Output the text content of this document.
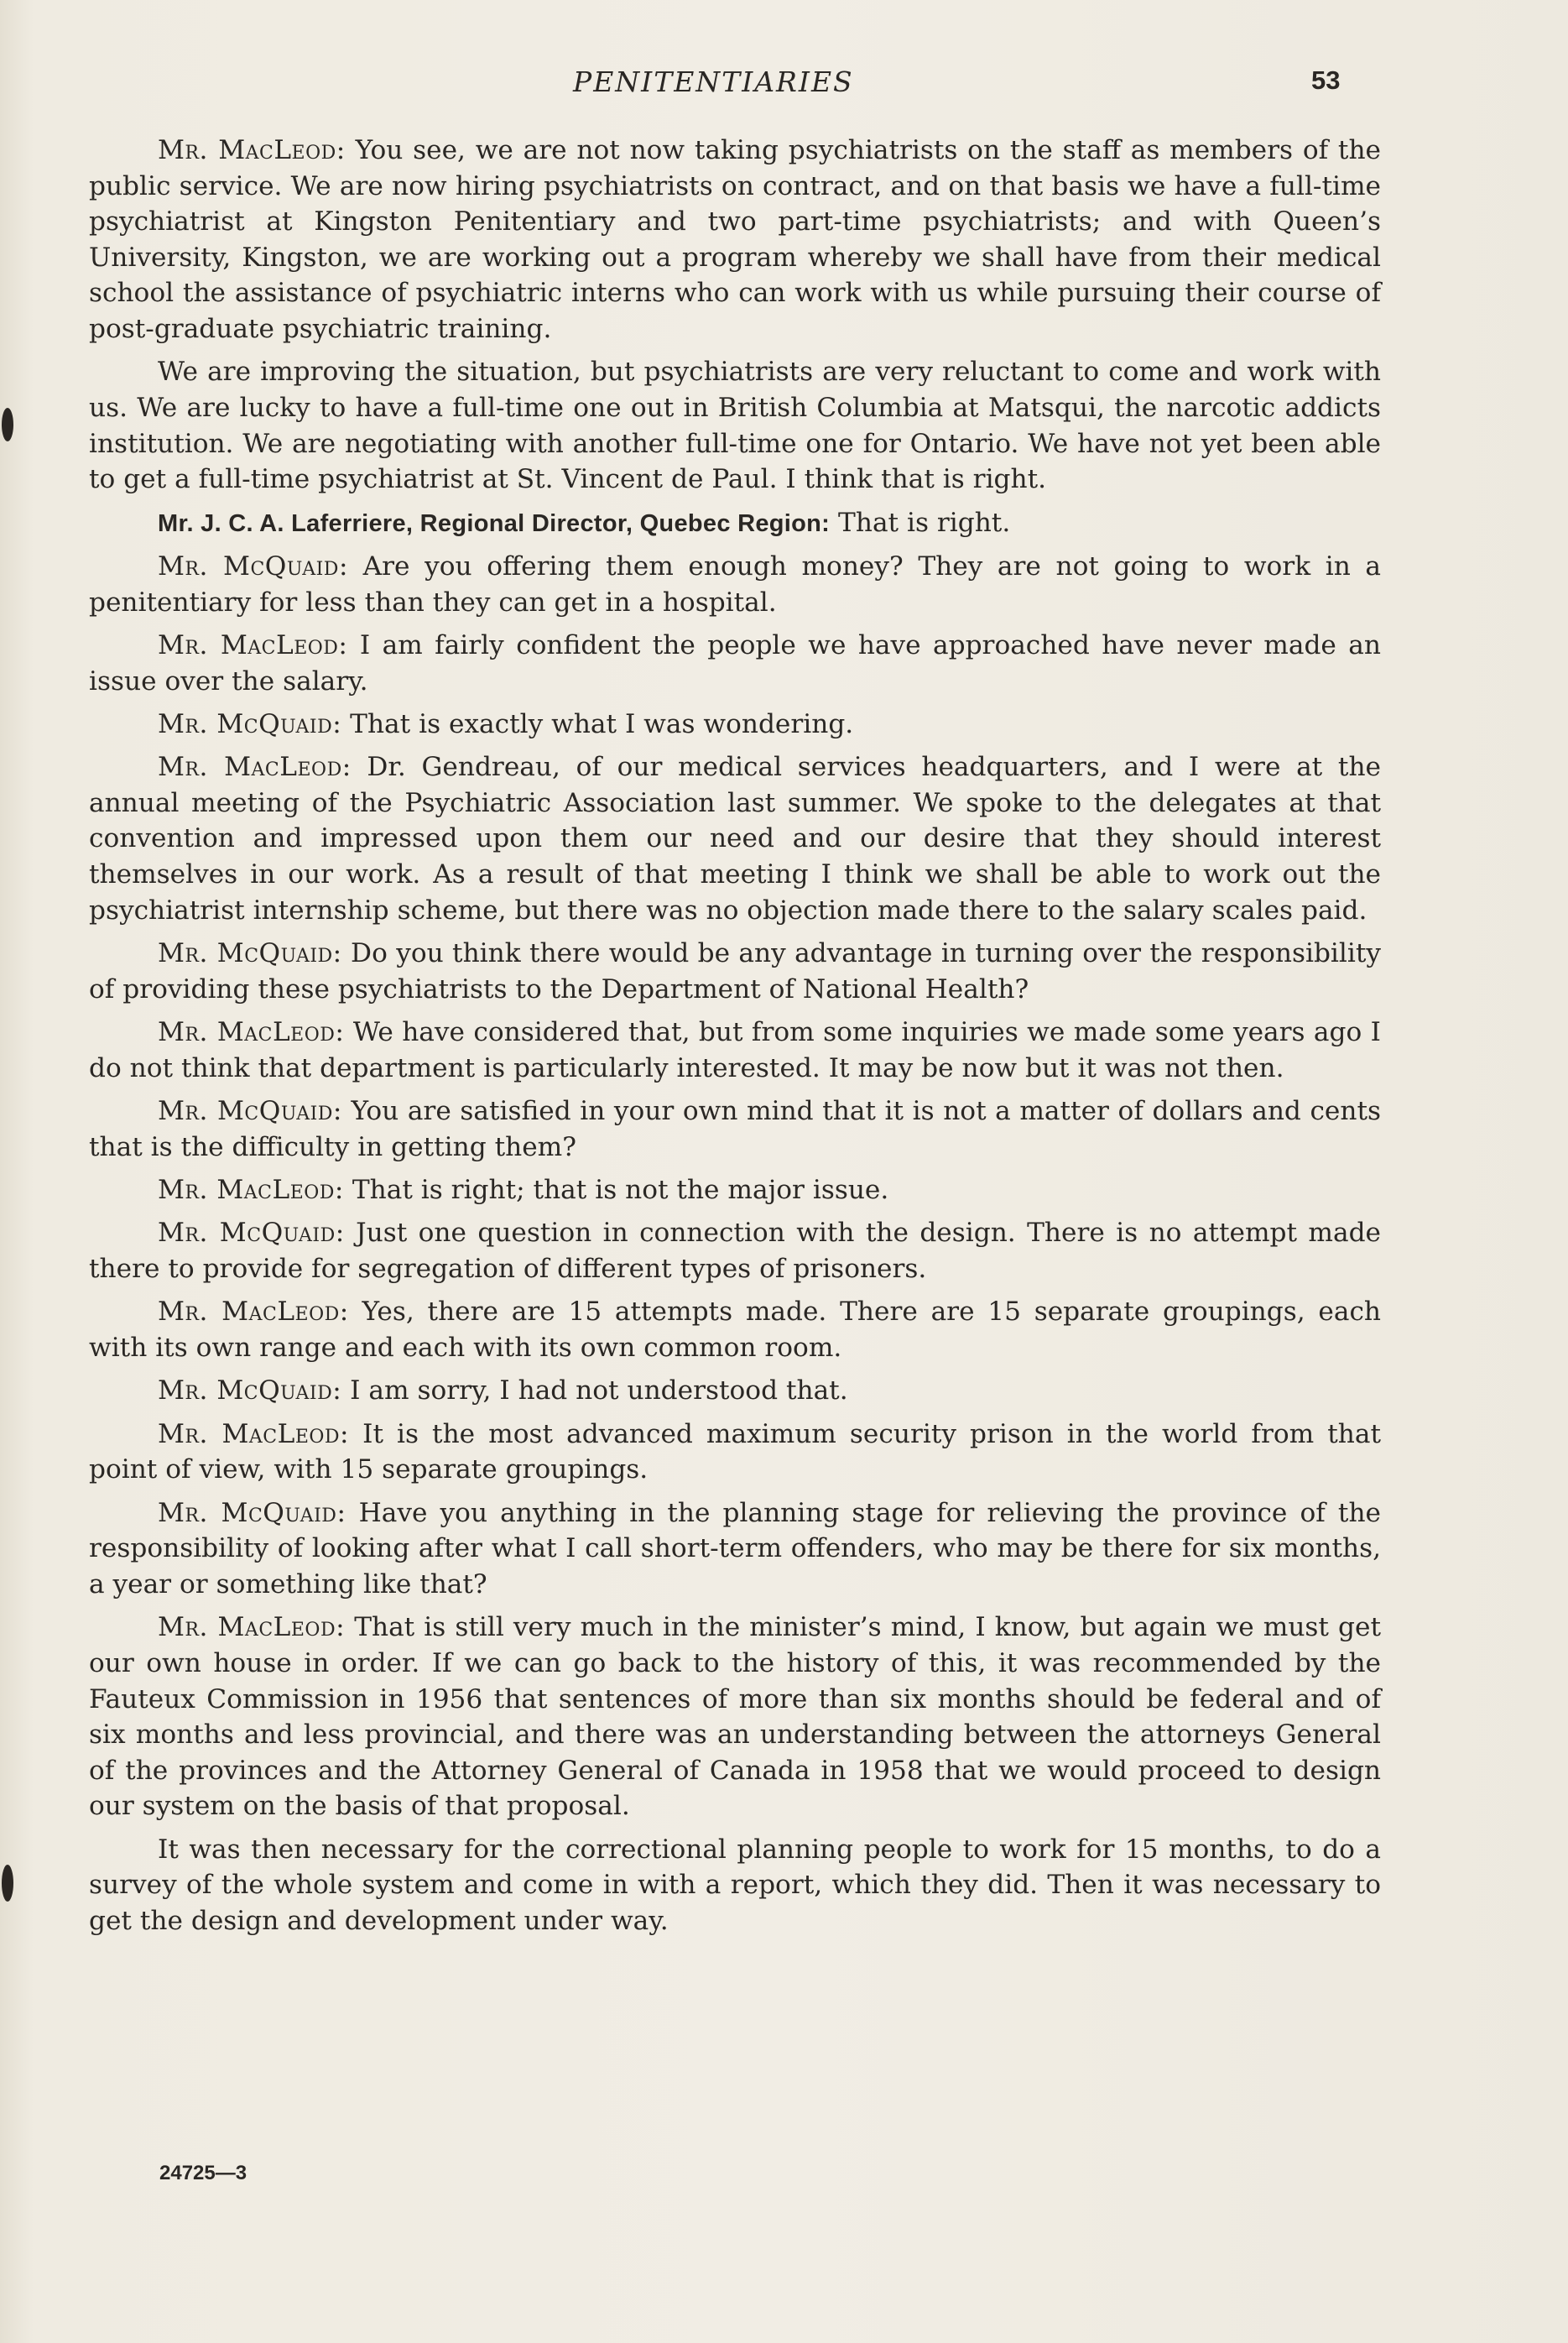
PENITENTIARIES	53

Mr. MacLeod: You see, we are not now taking psychiatrists on the staff as members of the public service. We are now hiring psychiatrists on contract, and on that basis we have a full-time psychiatrist at Kingston Penitentiary and two part-time psychiatrists; and with Queen’s University, Kingston, we are working out a program whereby we shall have from their medical school the assistance of psychiatric interns who can work with us while pursuing their course of post-graduate psychiatric training.

We are improving the situation, but psychiatrists are very reluctant to come and work with us. We are lucky to have a full-time one out in British Columbia at Matsqui, the narcotic addicts institution. We are negotiating with another full-time one for Ontario. We have not yet been able to get a full-time psychiatrist at St. Vincent de Paul. I think that is right.

Mr. J. C. A. Laferriere, Regional Director, Quebec Region: That is right.

Mr. McQuaid: Are you offering them enough money? They are not going to work in a penitentiary for less than they can get in a hospital.

Mr. MacLeod: I am fairly confident the people we have approached have never made an issue over the salary.

Mr. McQuaid: That is exactly what I was wondering.

Mr. MacLeod: Dr. Gendreau, of our medical services headquarters, and I were at the annual meeting of the Psychiatric Association last summer. We spoke to the delegates at that convention and impressed upon them our need and our desire that they should interest themselves in our work. As a result of that meeting I think we shall be able to work out the psychiatrist internship scheme, but there was no objection made there to the salary scales paid.

Mr. McQuaid: Do you think there would be any advantage in turning over the responsibility of providing these psychiatrists to the Department of National Health?

Mr. MacLeod: We have considered that, but from some inquiries we made some years ago I do not think that department is particularly interested. It may be now but it was not then.

Mr. McQuaid: You are satisfied in your own mind that it is not a matter of dollars and cents that is the difficulty in getting them?

Mr. MacLeod: That is right; that is not the major issue.

Mr. McQuaid: Just one question in connection with the design. There is no attempt made there to provide for segregation of different types of prisoners.

Mr. MacLeod: Yes, there are 15 attempts made. There are 15 separate groupings, each with its own range and each with its own common room.

Mr. McQuaid: I am sorry, I had not understood that.

Mr. MacLeod: It is the most advanced maximum security prison in the world from that point of view, with 15 separate groupings.

Mr. McQuaid: Have you anything in the planning stage for relieving the province of the responsibility of looking after what I call short-term offenders, who may be there for six months, a year or something like that?

Mr. MacLeod: That is still very much in the minister’s mind, I know, but again we must get our own house in order. If we can go back to the history of this, it was recommended by the Fauteux Commission in 1956 that sentences of more than six months should be federal and of six months and less provincial, and there was an understanding between the attorneys General of the provinces and the Attorney General of Canada in 1958 that we would proceed to design our system on the basis of that proposal.

It was then necessary for the correctional planning people to work for 15 months, to do a survey of the whole system and come in with a report, which they did. Then it was necessary to get the design and development under way.

24725—3
